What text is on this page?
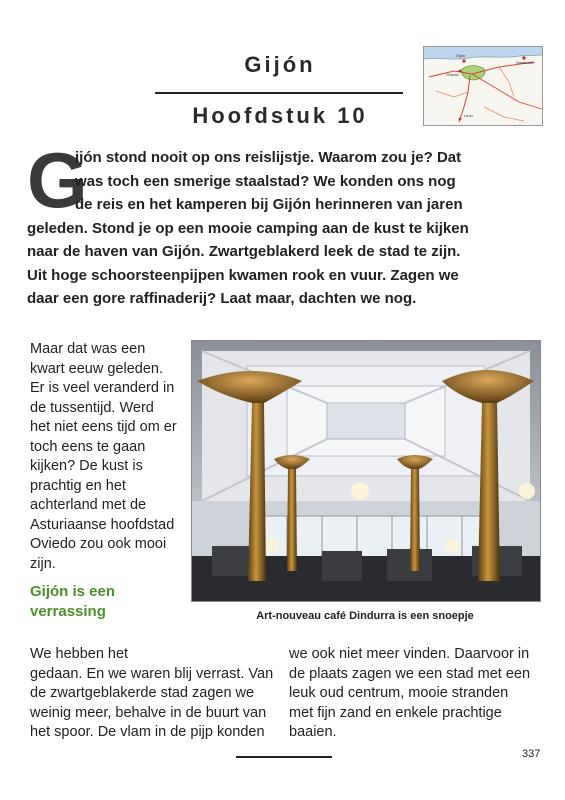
Gijón
Hoofdstuk 10
Gijón
Santander
Oviedo
León
G
ijón stond nooit op ons reislijstje. Waarom zou je? Dat
was toch een smerige staalstad? We konden ons nog
de reis en het kamperen bij Gijón herinneren van jaren
geleden. Stond je op een mooie camping aan de kust te kijken
naar de haven van Gijón. Zwartgeblakerd leek de stad te zijn.
Uit hoge schoorsteenpijpen kwamen rook en vuur. Zagen we
daar een gore raffinaderij? Laat maar, dachten we nog.
Maar dat was een
kwart eeuw geleden.
Er is veel veranderd in
de tussentijd. Werd
het niet eens tijd om er
toch eens te gaan
kijken? De kust is
prachtig en het
achterland met de
Asturiaanse hoofdstad
Oviedo zou ook mooi
zijn.
Gijón is een
verrassing	Art-nouveau café Dindurra is een snoepje
We hebben het
gedaan. En we waren blij verrast. Van
de zwartgeblakerde stad zagen we
weinig meer, behalve in de buurt van
het spoor. De vlam in de pijp konden
we ook niet meer vinden. Daarvoor in
de plaats zagen we een stad met een
leuk oud centrum, mooie stranden
met fijn zand en enkele prachtige
baaien.
337
